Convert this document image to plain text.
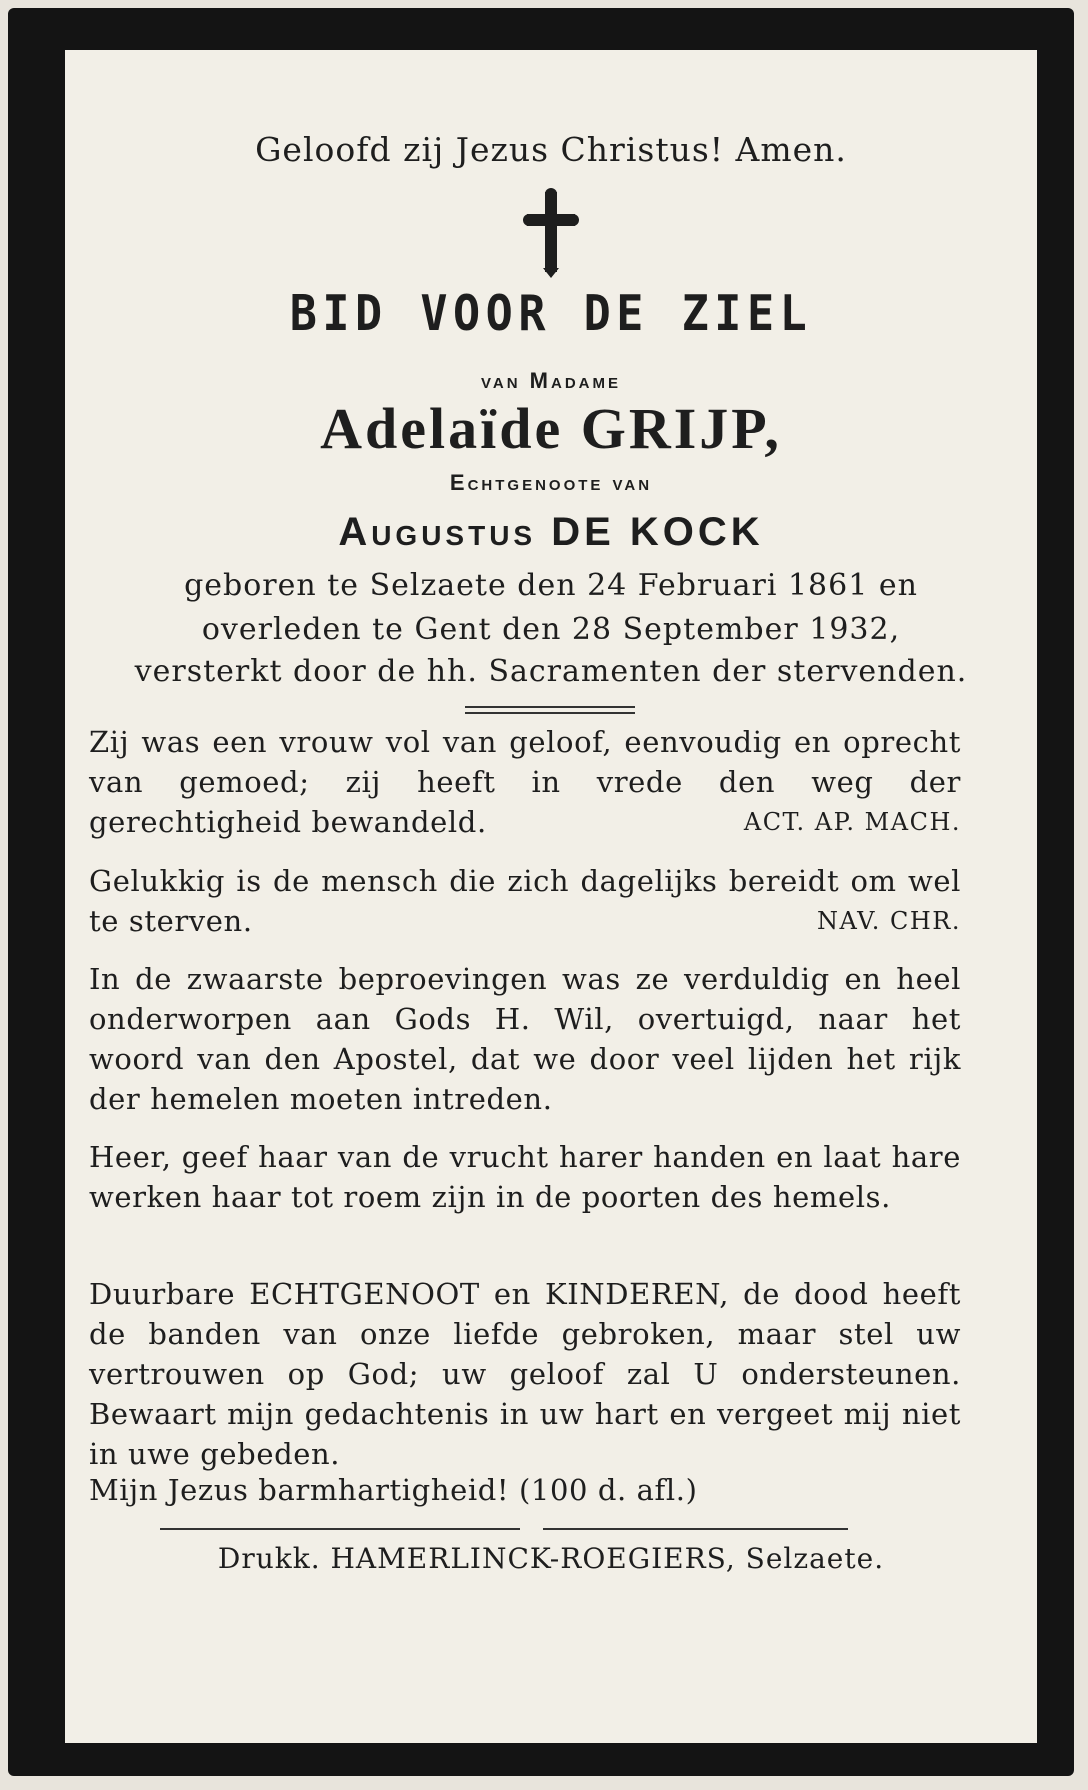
Geloofd zij Jezus Christus! Amen.
BID VOOR DE ZIEL
van Madame
Adelaïde GRIJP,
Echtgenoote van
Augustus DE KOCK
geboren te Selzaete den 24 Februari 1861 en
overleden te Gent den 28 September 1932,
versterkt door de hh. Sacramenten der stervenden.
Zij was een vrouw vol van geloof, eenvoudig en oprecht van gemoed; zij heeft in vrede den weg der gerechtigheid bewandeld.	ACT. AP. MACH.
Gelukkig is de mensch die zich dagelijks bereidt om wel te sterven.	NAV. CHR.
In de zwaarste beproevingen was ze verduldig en heel onderworpen aan Gods H. Wil, overtuigd, naar het woord van den Apostel, dat we door veel lijden het rijk der hemelen moeten intreden.
Heer, geef haar van de vrucht harer handen en laat hare werken haar tot roem zijn in de poorten des hemels.
Duurbare ECHTGENOOT en KINDEREN, de dood heeft de banden van onze liefde gebroken, maar stel uw vertrouwen op God; uw geloof zal U ondersteunen. Bewaart mijn gedachtenis in uw hart en vergeet mij niet in uwe gebeden.
Mijn Jezus barmhartigheid! (100 d. afl.)
Drukk. HAMERLINCK-ROEGIERS, Selzaete.
